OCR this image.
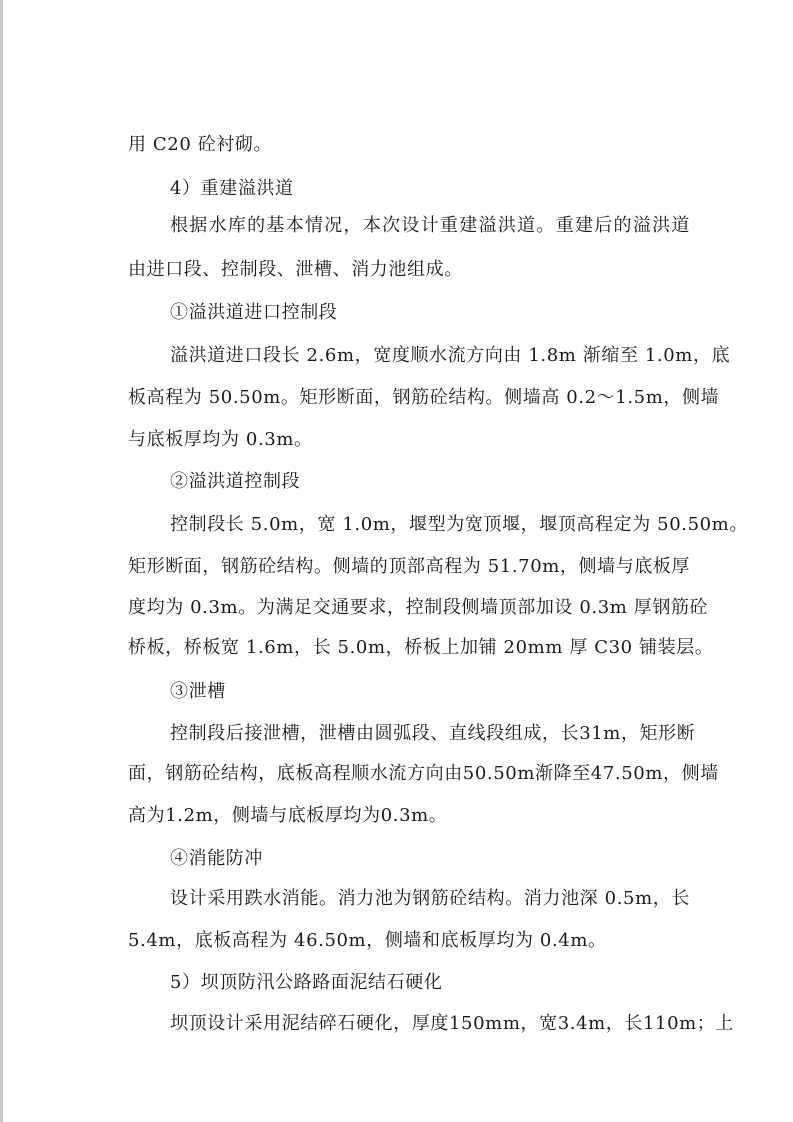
用 C20 砼衬砌。
4）重建溢洪道
根据水库的基本情况，本次设计重建溢洪道。重建后的溢洪道
由进口段、控制段、泄槽、消力池组成。
①溢洪道进口控制段
溢洪道进口段长 2.6m，宽度顺水流方向由 1.8m 渐缩至 1.0m，底
板高程为 50.50m。矩形断面，钢筋砼结构。侧墙高 0.2～1.5m，侧墙
与底板厚均为 0.3m。
②溢洪道控制段
控制段长 5.0m，宽 1.0m，堰型为宽顶堰，堰顶高程定为 50.50m。
矩形断面，钢筋砼结构。侧墙的顶部高程为 51.70m，侧墙与底板厚
度均为 0.3m。为满足交通要求，控制段侧墙顶部加设 0.3m 厚钢筋砼
桥板，桥板宽 1.6m，长 5.0m，桥板上加铺 20mm 厚 C30 铺装层。
③泄槽
控制段后接泄槽，泄槽由圆弧段、直线段组成，长31m，矩形断
面，钢筋砼结构，底板高程顺水流方向由50.50m渐降至47.50m，侧墙
高为1.2m，侧墙与底板厚均为0.3m。
④消能防冲
设计采用跌水消能。消力池为钢筋砼结构。消力池深 0.5m，长
5.4m，底板高程为 46.50m，侧墙和底板厚均为 0.4m。
5）坝顶防汛公路路面泥结石硬化
坝顶设计采用泥结碎石硬化，厚度150mm，宽3.4m，长110m；上
